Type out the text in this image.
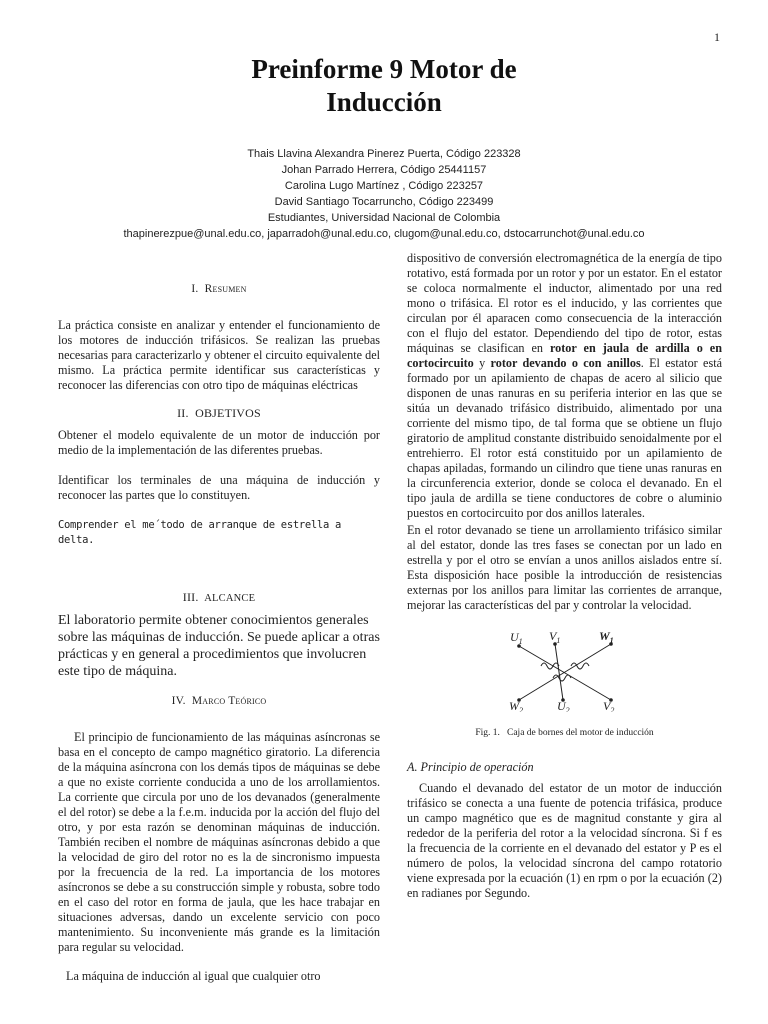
1
Preinforme 9 Motor de
Inducción
Thais Llavina Alexandra Pinerez Puerta, Código 223328
Johan Parrado Herrera, Código 25441157
Carolina Lugo Martínez , Código 223257
David Santiago Tocarruncho, Código 223499
Estudiantes, Universidad Nacional de Colombia
thapinerezpue@unal.edu.co, japarradoh@unal.edu.co, clugom@unal.edu.co, dstocarrunchot@unal.edu.co
I. Resumen

La práctica consiste en analizar y entender el funcionamiento de los motores de inducción trifásicos. Se realizan las pruebas necesarias para caracterizarlo y obtener el circuito equivalente del mismo. La práctica permite identificar sus características y reconocer las diferencias con otro tipo de máquinas eléctricas

II. OBJETIVOS

Obtener el modelo equivalente de un motor de inducción por medio de la implementación de las diferentes pruebas.

Identificar los terminales de una máquina de inducción y reconocer las partes que lo constituyen.

Comprender el me´todo de arranque de estrella a delta.

III. ALCANCE

El laboratorio permite obtener conocimientos generales sobre las máquinas de inducción. Se puede aplicar a otras prácticas y en general a procedimientos que involucren este tipo de máquina.

IV. Marco Teórico

El principio de funcionamiento de las máquinas asíncronas se basa en el concepto de campo magnético giratorio. La diferencia de la máquina asíncrona con los demás tipos de máquinas se debe a que no existe corriente conducida a uno de los arrollamientos. La corriente que circula por uno de los devanados (generalmente el del rotor) se debe a la f.e.m. inducida por la acción del flujo del otro, y por esta razón se denominan máquinas de inducción. También reciben el nombre de máquinas asíncronas debido a que la velocidad de giro del rotor no es la de sincronismo impuesta por la frecuencia de la red. La importancia de los motores asíncronos se debe a su construcción simple y robusta, sobre todo en el caso del rotor en forma de jaula, que les hace trabajar en situaciones adversas, dando un excelente servicio con poco mantenimiento. Su inconveniente más grande es la limitación para regular su velocidad.

La máquina de inducción al igual que cualquier otro

dispositivo de conversión electromagnética de la energía de tipo rotativo, está formada por un rotor y por un estator. En el estator se coloca normalmente el inductor, alimentado por una red mono o trifásica. El rotor es el inducido, y las corrientes que circulan por él aparacen como consecuencia de la interacción con el flujo del estator. Dependiendo del tipo de rotor, estas máquinas se clasifican en rotor en jaula de ardilla o en cortocircuito y rotor devando o con anillos. El estator está formado por un apilamiento de chapas de acero al silicio que disponen de unas ranuras en su periferia interior en las que se sitúa un devanado trifásico distribuido, alimentado por una corriente del mismo tipo, de tal forma que se obtiene un flujo giratorio de amplitud constante distribuido senoidalmente por el entrehierro. El rotor está constituido por un apilamiento de chapas apiladas, formando un cilindro que tiene unas ranuras en la circunferencia exterior, donde se coloca el devanado. En el tipo jaula de ardilla se tiene conductores de cobre o aluminio puestos en cortocircuito por dos anillos laterales.

En el rotor devanado se tiene un arrollamiento trifásico similar al del estator, donde las tres fases se conectan por un lado en estrella y por el otro se envían a unos anillos aislados entre sí. Esta disposición hace posible la introducción de resistencias externas por los anillos para limitar las corrientes de arranque, mejorar las características del par y controlar la velocidad.

$U_1$ $V_1$	$W_1$
$W_2$	$U_2$	$V_2$
Fig. 1. Caja de bornes del motor de inducción
A. Principio de operación

Cuando el devanado del estator de un motor de inducción trifásico se conecta a una fuente de potencia trifásica, produce un campo magnético que es de magnitud constante y gira al rededor de la periferia del rotor a la velocidad síncrona. Si f es la frecuencia de la corriente en el devanado del estator y P es el número de polos, la velocidad síncrona del campo rotatorio viene expresada por la ecuación (1) en rpm o por la ecuación (2) en radianes por Segundo.
